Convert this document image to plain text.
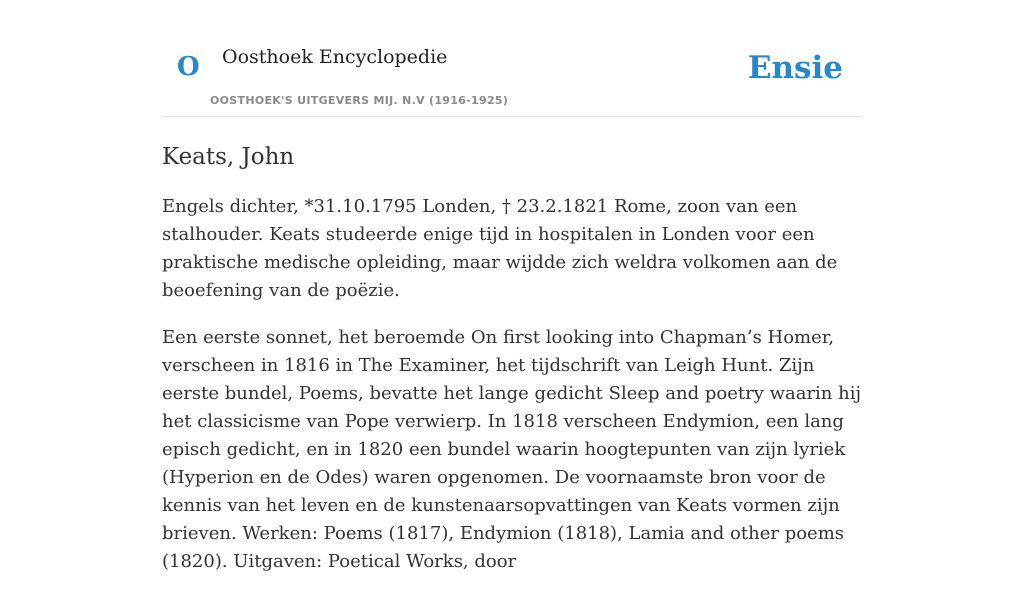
O Oosthoek Encyclopedie
OOSTHOEK'S UITGEVERS MIJ. N.V (1916-1925)
Ensie
Keats, John

Engels dichter, *31.10.1795 Londen, † 23.2.1821 Rome, zoon van een stalhouder. Keats studeerde enige tijd in hospitalen in Londen voor een praktische medische opleiding, maar wijdde zich weldra volkomen aan de beoefening van de poëzie.

Een eerste sonnet, het beroemde On first looking into Chapman’s Homer, verscheen in 1816 in The Examiner, het tijdschrift van Leigh Hunt. Zijn eerste bundel, Poems, bevatte het lange gedicht Sleep and poetry waarin hij het classicisme van Pope verwierp. In 1818 verscheen Endymion, een lang episch gedicht, en in 1820 een bundel waarin hoogtepunten van zijn lyriek (Hyperion en de Odes) waren opgenomen. De voornaamste bron voor de kennis van het leven en de kunstenaarsopvattingen van Keats vormen zijn brieven. Werken: Poems (1817), Endymion (1818), Lamia and other poems (1820). Uitgaven: Poetical Works, door
